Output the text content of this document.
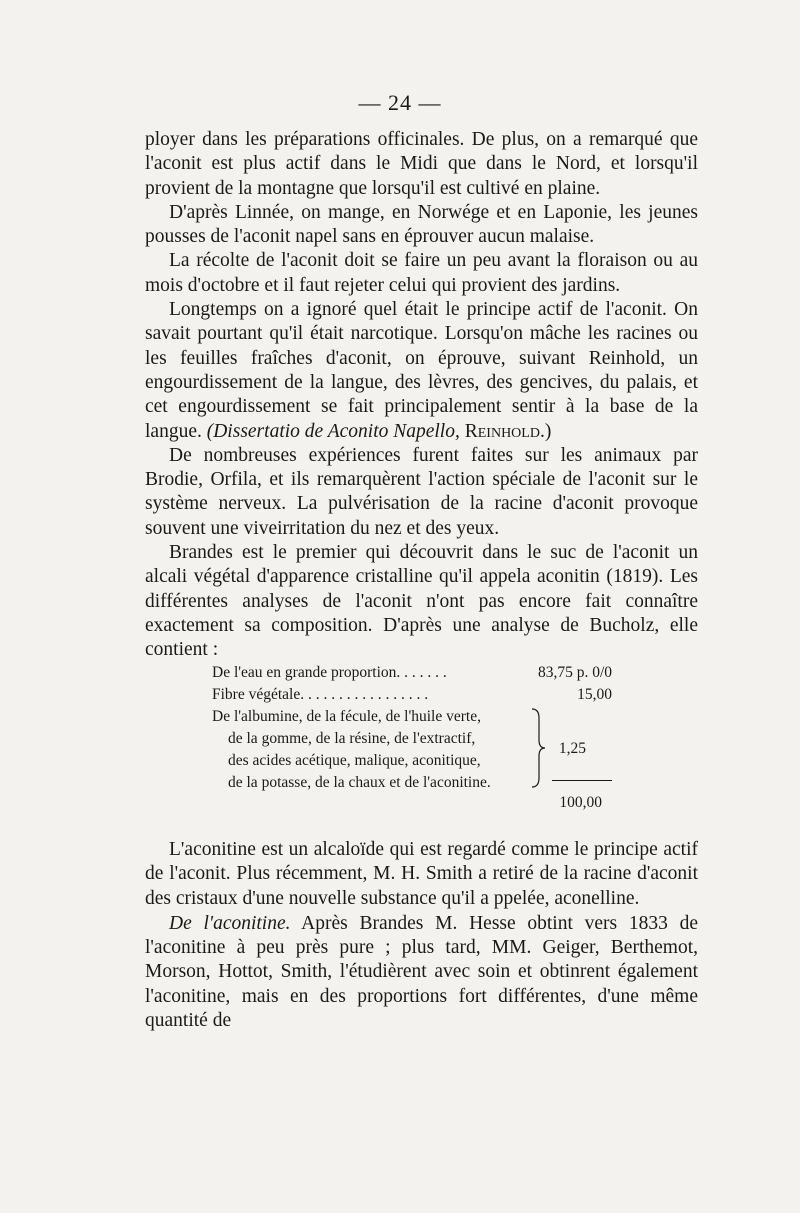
— 24 —

ployer dans les préparations officinales. De plus, on a remarqué que l'aconit est plus actif dans le Midi que dans le Nord, et lorsqu'il provient de la montagne que lorsqu'il est cultivé en plaine.

D'après Linnée, on mange, en Norwége et en Laponie, les jeunes pousses de l'aconit napel sans en éprouver aucun malaise.

La récolte de l'aconit doit se faire un peu avant la floraison ou au mois d'octobre et il faut rejeter celui qui provient des jardins.

Longtemps on a ignoré quel était le principe actif de l'aconit. On savait pourtant qu'il était narcotique. Lorsqu'on mâche les racines ou les feuilles fraîches d'aconit, on éprouve, suivant Reinhold, un engourdissement de la langue, des lèvres, des gencives, du palais, et cet engourdissement se fait principalement sentir à la base de la langue. (Dissertatio de Aconito Napello, Reinhold.)

De nombreuses expériences furent faites sur les animaux par Brodie, Orfila, et ils remarquèrent l'action spéciale de l'aconit sur le système nerveux. La pulvérisation de la racine d'aconit provoque souvent une viveirritation du nez et des yeux.

Brandes est le premier qui découvrit dans le suc de l'aconit un alcali végétal d'apparence cristalline qu'il appela aconitin (1819). Les différentes analyses de l'aconit n'ont pas encore fait connaître exactement sa composition. D'après une analyse de Bucholz, elle contient :

De l'eau en grande proportion. . . . . . .	83,75 p. 0/0
Fibre végétale. . . . . . . . . . . . . . . . .	15,00
De l'albumine, de la fécule, de l'huile verte,
de la gomme, de la résine, de l'extractif,
des acides acétique, malique, aconitique,
de la potasse, de la chaux et de l'aconitine.
1,25
100,00

L'aconitine est un alcaloïde qui est regardé comme le principe actif de l'aconit. Plus récemment, M. H. Smith a retiré de la racine d'aconit des cristaux d'une nouvelle substance qu'il a ppelée, aconelline.

De l'aconitine. Après Brandes M. Hesse obtint vers 1833 de l'aconitine à peu près pure ; plus tard, MM. Geiger, Berthemot, Morson, Hottot, Smith, l'étudièrent avec soin et obtinrent également l'aconitine, mais en des proportions fort différentes, d'une même quantité de
